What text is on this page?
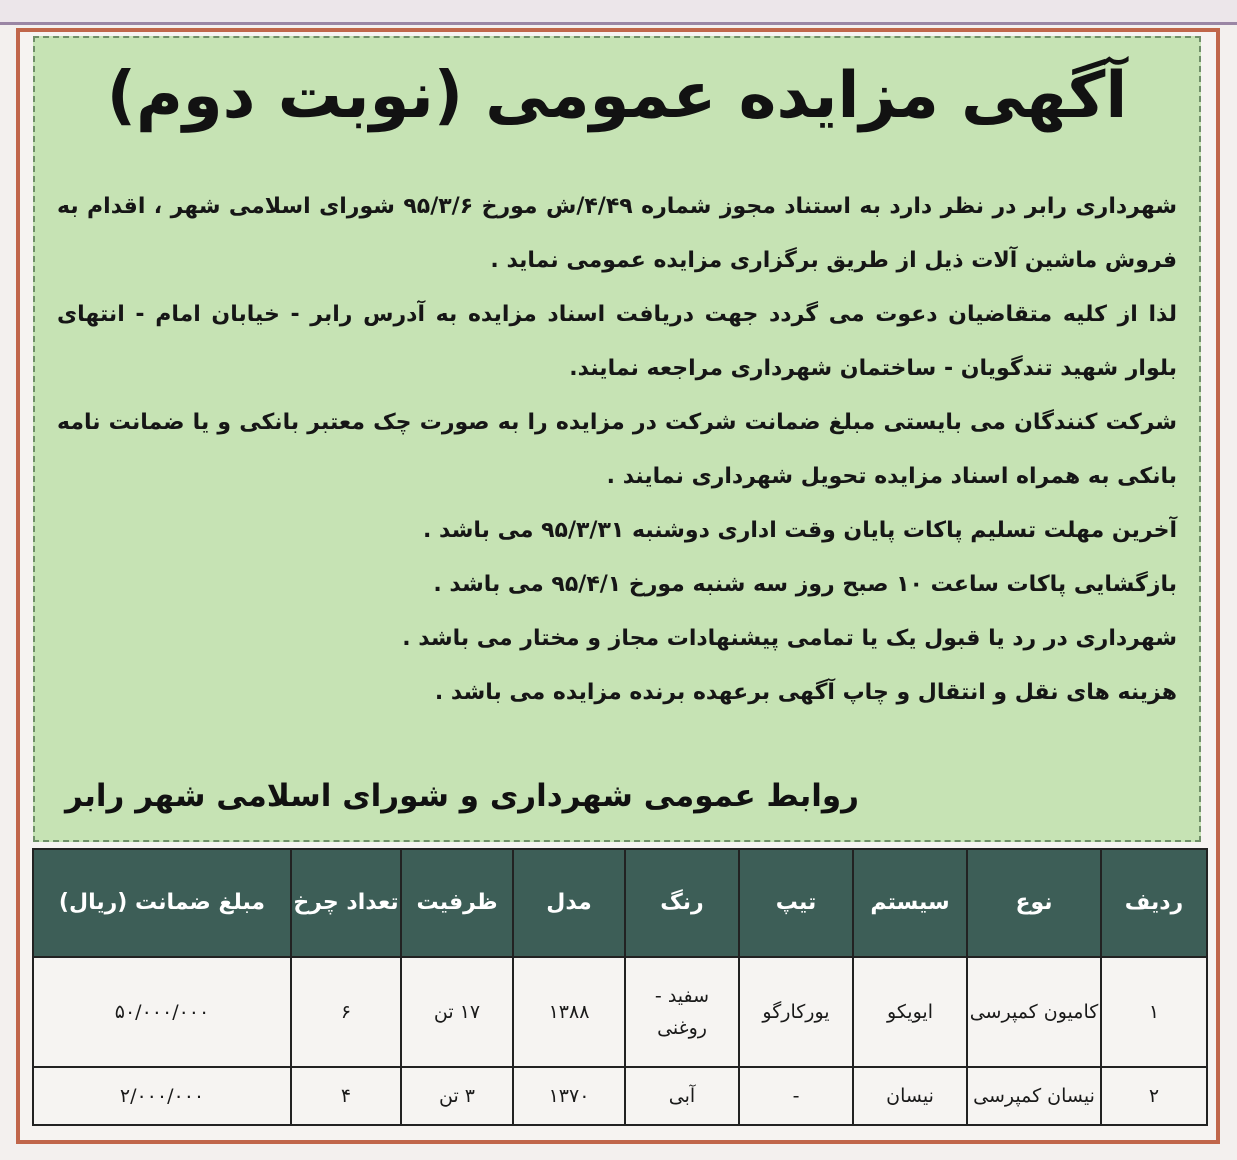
آگهی مزایده عمومی (نوبت دوم)

شهرداری رابر در نظر دارد به استناد مجوز شماره ۴/۴۹/ش مورخ ۹۵/۳/۶ شورای اسلامی شهر ، اقدام به فروش ماشین آلات ذیل از طریق برگزاری مزایده عمومی نماید .

لذا از کلیه متقاضیان دعوت می گردد جهت دریافت اسناد مزایده به آدرس رابر - خیابان امام - انتهای بلوار شهید تندگویان - ساختمان شهرداری مراجعه نمایند.

شرکت کنندگان می بایستی مبلغ ضمانت شرکت در مزایده را به صورت چک معتبر بانکی و یا ضمانت نامه بانکی به همراه اسناد مزایده تحویل شهرداری نمایند .

آخرین مهلت تسلیم پاکات پایان وقت اداری دوشنبه ۹۵/۳/۳۱ می باشد .

بازگشایی پاکات ساعت ۱۰ صبح روز سه شنبه مورخ ۹۵/۴/۱ می باشد .

شهرداری در رد یا قبول یک یا تمامی پیشنهادات مجاز و مختار می باشد .

هزینه های نقل و انتقال و چاپ آگهی برعهده برنده مزایده می باشد .

روابط عمومی شهرداری و شورای اسلامی شهر رابر
ردیف	نوع	سیستم	تیپ	رنگ	مدل	ظرفیت	تعداد چرخ	مبلغ ضمانت (ریال)
۱	کامیون کمپرسی	ایویکو	یورکارگو	سفید - روغنی	۱۳۸۸	۱۷ تن	۶	۵۰/۰۰۰/۰۰۰
۲	نیسان کمپرسی	نیسان	-	آبی	۱۳۷۰	۳ تن	۴	۲/۰۰۰/۰۰۰
